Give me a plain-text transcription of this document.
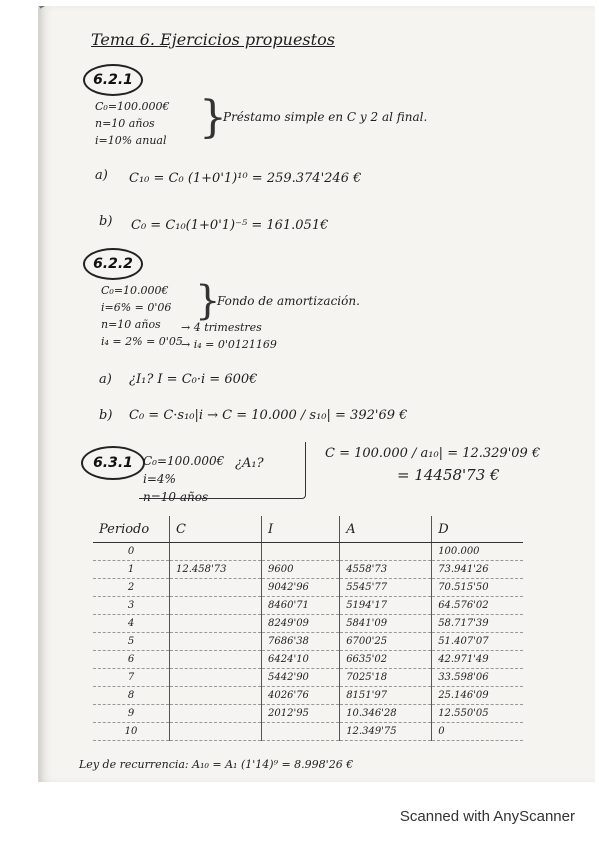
Tema 6. Ejercicios propuestos
6.2.1
C₀=100.000€
n=10 años
i=10% anual }
Préstamo simple en C y 2 al final.
a) C₁₀ = C₀ (1+0'1)¹⁰ = 259.374'246 €
b) C₀ = C₁₀(1+0'1)⁻⁵ = 161.051€
6.2.2
C₀=10.000€
i=6% = 0'06
n=10 años
i₄ = 2% = 0'05
}
Fondo de amortización.
→ 4 trimestres
→ i₄ = 0'0121169
a) ¿I₁? I = C₀·i = 600€
b) C₀ = C·s₁₀|i → C = 10.000 / s₁₀| = 392'69 €
6.3.1 C₀=100.000€
i=4%
n=10 años
¿A₁?
C = 100.000 / a₁₀| = 12.329'09 €
= 14458'73 €
Periodo	C	I	A	D
0				100.000
1	12.458'73	9600	4558'73	73.941'26
2		9042'96	5545'77	70.515'50
3		8460'71	5194'17	64.576'02
4		8249'09	5841'09	58.717'39
5		7686'38	6700'25	51.407'07
6		6424'10	6635'02	42.971'49
7		5442'90	7025'18	33.598'06
8		4026'76	8151'97	25.146'09
9		2012'95	10.346'28	12.550'05
10			12.349'75	0
Ley de recurrencia: A₁₀ = A₁ (1'14)⁹ = 8.998'26 €
Scanned with AnyScanner
